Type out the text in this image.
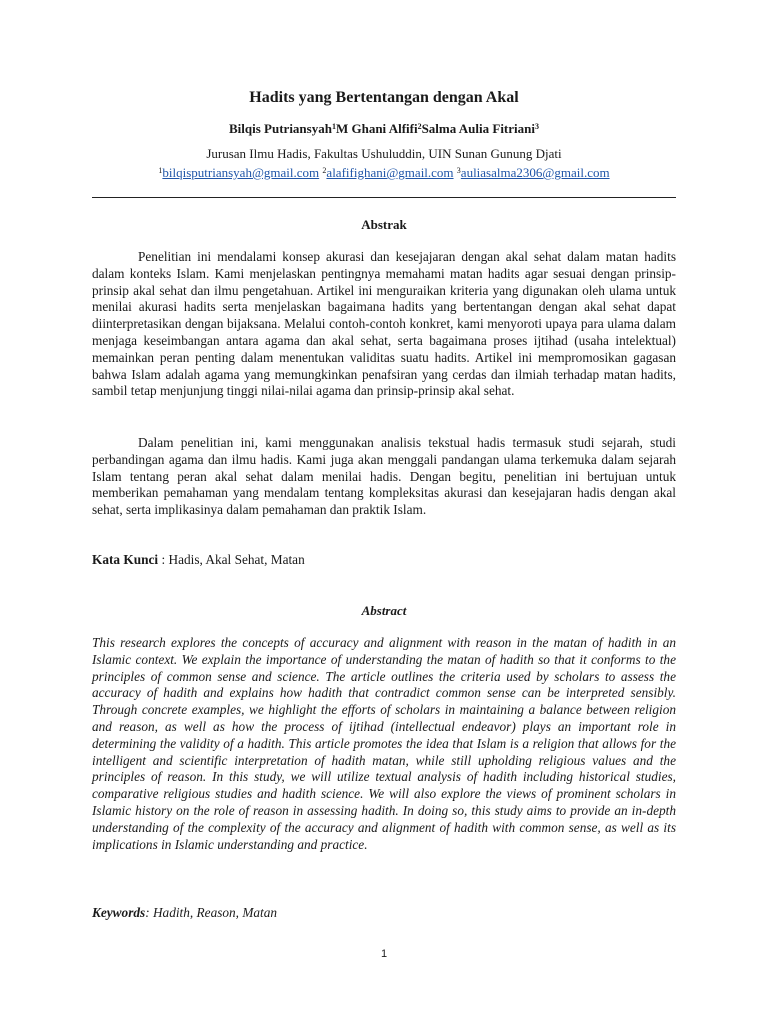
Hadits yang Bertentangan dengan Akal
Bilqis Putriansyah$^1$M Ghani Alfifi$^2$Salma Aulia Fitriani$^3$
Jurusan Ilmu Hadis, Fakultas Ushuluddin, UIN Sunan Gunung Djati
$^1$bilqisputriansyah@gmail.com $^2$alafifighani@gmail.com $^3$auliasalma2306@gmail.com
Abstrak
Penelitian ini mendalami konsep akurasi dan kesejajaran dengan akal sehat dalam matan hadits dalam konteks Islam. Kami menjelaskan pentingnya memahami matan hadits agar sesuai dengan prinsip-prinsip akal sehat dan ilmu pengetahuan. Artikel ini menguraikan kriteria yang digunakan oleh ulama untuk menilai akurasi hadits serta menjelaskan bagaimana hadits yang bertentangan dengan akal sehat dapat diinterpretasikan dengan bijaksana. Melalui contoh-contoh konkret, kami menyoroti upaya para ulama dalam menjaga keseimbangan antara agama dan akal sehat, serta bagaimana proses ijtihad (usaha intelektual) memainkan peran penting dalam menentukan validitas suatu hadits. Artikel ini mempromosikan gagasan bahwa Islam adalah agama yang memungkinkan penafsiran yang cerdas dan ilmiah terhadap matan hadits, sambil tetap menjunjung tinggi nilai-nilai agama dan prinsip-prinsip akal sehat.
Dalam penelitian ini, kami menggunakan analisis tekstual hadis termasuk studi sejarah, studi perbandingan agama dan ilmu hadis. Kami juga akan menggali pandangan ulama terkemuka dalam sejarah Islam tentang peran akal sehat dalam menilai hadis. Dengan begitu, penelitian ini bertujuan untuk memberikan pemahaman yang mendalam tentang kompleksitas akurasi dan kesejajaran hadis dengan akal sehat, serta implikasinya dalam pemahaman dan praktik Islam.
Kata Kunci : Hadis, Akal Sehat, Matan
Abstract
This research explores the concepts of accuracy and alignment with reason in the matan of hadith in an Islamic context. We explain the importance of understanding the matan of hadith so that it conforms to the principles of common sense and science. The article outlines the criteria used by scholars to assess the accuracy of hadith and explains how hadith that contradict common sense can be interpreted sensibly. Through concrete examples, we highlight the efforts of scholars in maintaining a balance between religion and reason, as well as how the process of ijtihad (intellectual endeavor) plays an important role in determining the validity of a hadith. This article promotes the idea that Islam is a religion that allows for the intelligent and scientific interpretation of hadith matan, while still upholding religious values and the principles of reason. In this study, we will utilize textual analysis of hadith including historical studies, comparative religious studies and hadith science. We will also explore the views of prominent scholars in Islamic history on the role of reason in assessing hadith. In doing so, this study aims to provide an in-depth understanding of the complexity of the accuracy and alignment of hadith with common sense, as well as its implications in Islamic understanding and practice.
Keywords: Hadith, Reason, Matan
1
